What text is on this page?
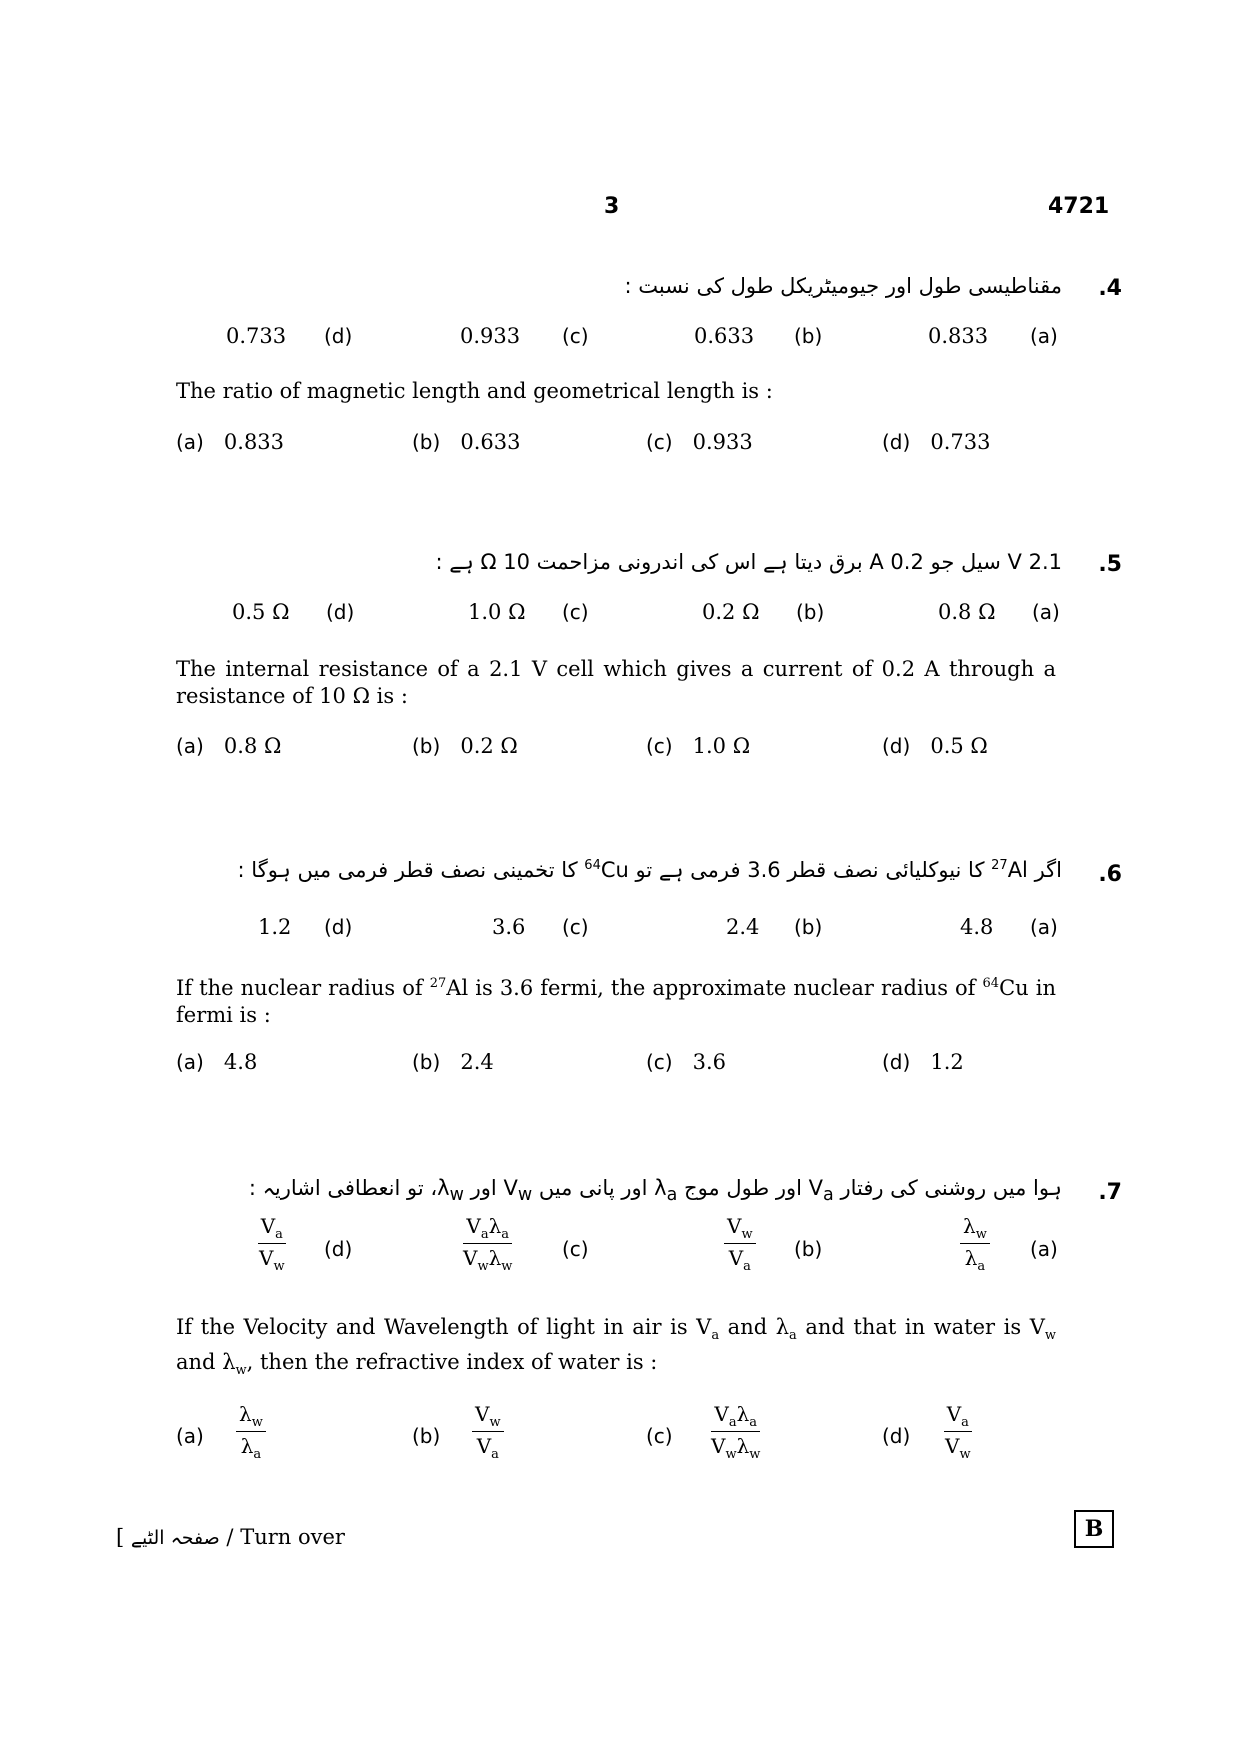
3	4721
.4
مقناطیسی طول اور جیومیٹریکل طول کی نسبت :
(a)
0.833
(b)
0.633
(c)
0.933
(d)
0.733
The ratio of magnetic length and geometrical length is :
(a) 0.833	(b) 0.633	(c) 0.933	(d) 0.733
.5
2.1 V سیل جو 0.2 A برق دیتا ہے اس کی اندرونی مزاحمت 10 Ω ہے :
(a)
0.8 Ω
(b)
0.2 Ω
(c)
1.0 Ω
(d)
0.5 Ω
The internal resistance of a 2.1 V cell which gives a current of 0.2 A through a resistance of 10 Ω is :
(a) 0.8 Ω	(b) 0.2 Ω	(c) 1.0 Ω	(d) 0.5 Ω
.6
اگر $^{27}$Al کا نیوکلیائی نصف قطر 3.6 فرمی ہے تو $^{64}$Cu کا تخمینی نصف قطر فرمی میں ہوگا :
(a)
4.8
(b)
2.4
(c)
3.6
(d)
1.2
If the nuclear radius of $^{27}$Al is 3.6 fermi, the approximate nuclear radius of $^{64}$Cu in fermi is :
(a) 4.8	(b) 2.4	(c) 3.6	(d) 1.2
.7
ہوا میں روشنی کی رفتار $V_a$ اور طول موج $\lambda_a$ اور پانی میں $V_w$ اور $\lambda_w،$ تو انعطافی اشاریہ :
(a)
$\frac{\lambda_w}{\lambda_a}$
(b)
$\frac{V_w}{V_a}$
(c)
$\frac{V_a\lambda_a}{V_w\lambda_w}$
(d)
$\frac{V_a}{V_w}$
If the Velocity and Wavelength of light in air is $V_a$ and $\lambda_a$ and that in water is $V_w$ and $\lambda_w$, then the refractive index of water is :
$(a) \frac{\lambda_w}{\lambda_a}$	$(b) \frac{V_w}{V_a}$	$(c) \frac{V_a\lambda_a}{V_w\lambda_w}$	$(d) \frac{V_a}{V_w}$
[ صفحہ الٹیے / Turn over	B
